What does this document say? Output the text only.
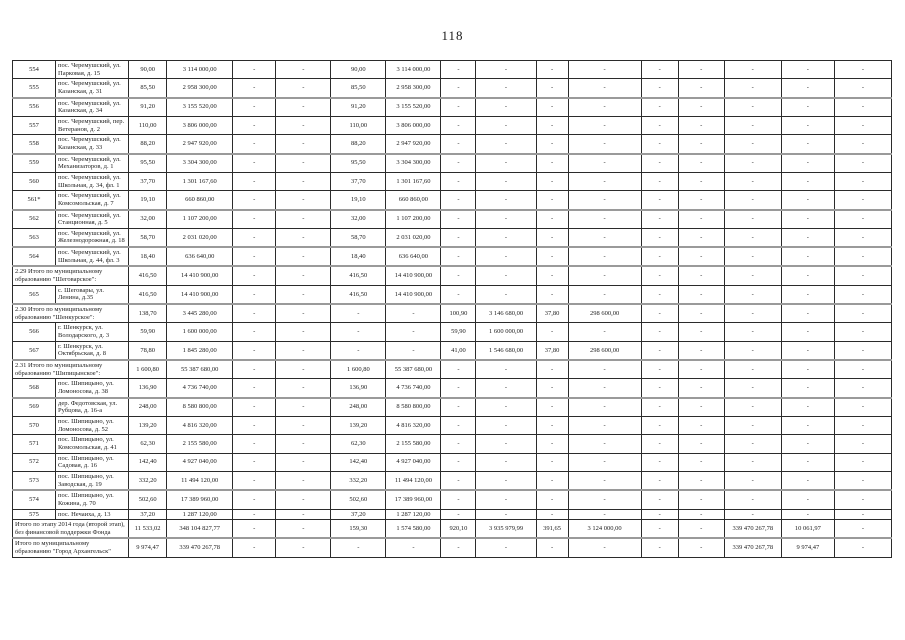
118
554	пос. Черемушский, ул. Парковая, д. 15	90,00	3 114 000,00	-	-	90,00	3 114 000,00	-	-	-	-	-	-	-	-	-
555	пос. Черемушский, ул. Казанская, д. 31	85,50	2 958 300,00	-	-	85,50	2 958 300,00	-	-	-	-	-	-	-	-	-
556	пос. Черемушский, ул. Казанская, д. 34	91,20	3 155 520,00	-	-	91,20	3 155 520,00	-	-	-	-	-	-	-	-	-
557	пос. Черемушский, пер. Ветеранов, д. 2	110,00	3 806 000,00	-	-	110,00	3 806 000,00	-	-	-	-	-	-	-	-	-
558	пос. Черемушский, ул. Казанская, д. 33	88,20	2 947 920,00	-	-	88,20	2 947 920,00	-	-	-	-	-	-	-	-	-
559	пос. Черемушский, ул. Механизаторов, д. 1	95,50	3 304 300,00	-	-	95,50	3 304 300,00	-	-	-	-	-	-	-	-	-
560	пос. Черемушский, ул. Школьная, д. 34, фл. 1	37,70	1 301 167,60	-	-	37,70	1 301 167,60	-	-	-	-	-	-	-	-	-
561*	пос. Черемушский, ул. Комсомольская, д. 7	19,10	660 860,00	-	-	19,10	660 860,00	-	-	-	-	-	-	-	-	-
562	пос. Черемушский, ул. Станционная, д. 5	32,00	1 107 200,00	-	-	32,00	1 107 200,00	-	-	-	-	-	-	-	-	-
563	пос. Черемушский, ул. Железнодорожная, д. 18	58,70	2 031 020,00	-	-	58,70	2 031 020,00	-	-	-	-	-	-	-	-	-
564	пос. Черемушский, ул. Школьная, д. 44, фл. 3	18,40	636 640,00	-	-	18,40	636 640,00	-	-	-	-	-	-	-	-	-
2.29 Итого по муниципальному образованию "Шеговарское":		416,50	14 410 900,00	-	-	416,50	14 410 900,00	-	-	-	-	-	-	-	-	-
565	с. Шеговары, ул. Ленина, д.35	416,50	14 410 900,00	-	-	416,50	14 410 900,00	-	-	-	-	-	-	-	-	-
2.30 Итого по муниципальному образованию "Шенкурское":		138,70	3 445 280,00	-	-	-	-	100,90	3 146 680,00	37,80	298 600,00	-	-	-	-	-
566	г. Шенкурск, ул. Володарского, д. 3	59,90	1 600 000,00	-	-	-	-	59,90	1 600 000,00	-	-	-	-	-	-	-
567	г. Шенкурск, ул. Октябрьская, д. 8	78,80	1 845 280,00	-	-	-	-	41,00	1 546 680,00	37,80	298 600,00	-	-	-	-	-
2.31 Итого по муниципальному образованию "Шипицынское":		1 600,80	55 387 680,00	-	-	1 600,80	55 387 680,00	-	-	-	-	-	-	-	-	-
568	пос. Шипицыно, ул. Ломоносова, д. 38	136,90	4 736 740,00	-	-	136,90	4 736 740,00	-	-	-	-	-	-	-	-	-
569	дер. Федотовская, ул. Рубцова, д. 16-а	248,00	8 580 800,00	-	-	248,00	8 580 800,00	-	-	-	-	-	-	-	-	-
570	пос. Шипицыно, ул. Ломоносова, д. 52	139,20	4 816 320,00	-	-	139,20	4 816 320,00	-	-	-	-	-	-	-	-	-
571	пос. Шипицыно, ул. Комсомольская, д. 41	62,30	2 155 580,00	-	-	62,30	2 155 580,00	-	-	-	-	-	-	-	-	-
572	пос. Шипицыно, ул. Садовая, д. 16	142,40	4 927 040,00	-	-	142,40	4 927 040,00	-	-	-	-	-	-	-	-	-
573	пос. Шипицыно, ул. Заводская, д. 19	332,20	11 494 120,00	-	-	332,20	11 494 120,00	-	-	-	-	-	-	-	-	-
574	пос. Шипицыно, ул. Кожина, д. 70	502,60	17 389 960,00	-	-	502,60	17 389 960,00	-	-	-	-	-	-	-	-	-
575	пос. Нечаиха, д. 13	37,20	1 287 120,00	-	-	37,20	1 287 120,00	-	-	-	-	-	-	-	-	-
Итого по этапу 2014 года (второй этап), без финансовой поддержки Фонда		11 533,02	348 104 827,77	-	-	159,30	1 574 580,00	920,10	3 935 979,99	391,65	3 124 000,00	-	-	339 470 267,78	10 061,97	-
Итого по муниципальному образованию "Город Архангельск"		9 974,47	339 470 267,78	-	-	-	-	-	-	-	-	-	-	339 470 267,78	9 974,47	-
